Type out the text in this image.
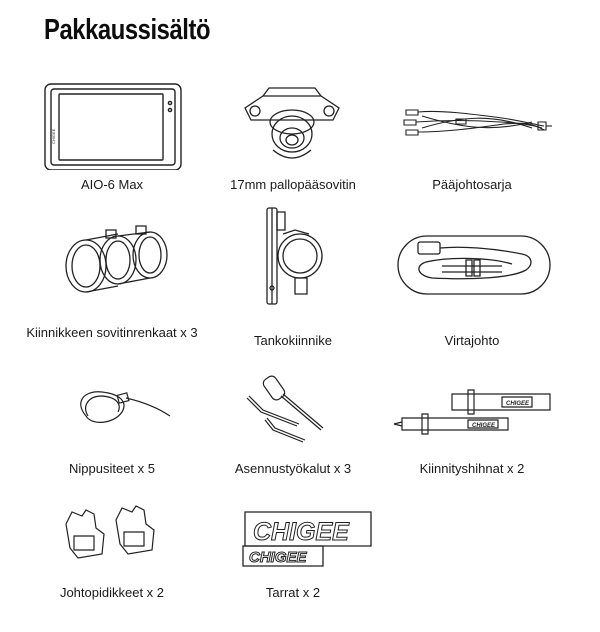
Pakkaussisältö
CHIGEE
AIO-6 Max	17mm pallopääsovitin	Pääjohtosarja
Kiinnikkeen sovitinrenkaat x 3
Tankokiinnike	Virtajohto
Nippusiteet x 5	Asennustyökalut x 3
CHIGEE
CHIGEE
Kiinnityshihnat x 2
Johtopidikkeet x 2
CHIGEE
CHIGEE
Tarrat x 2
